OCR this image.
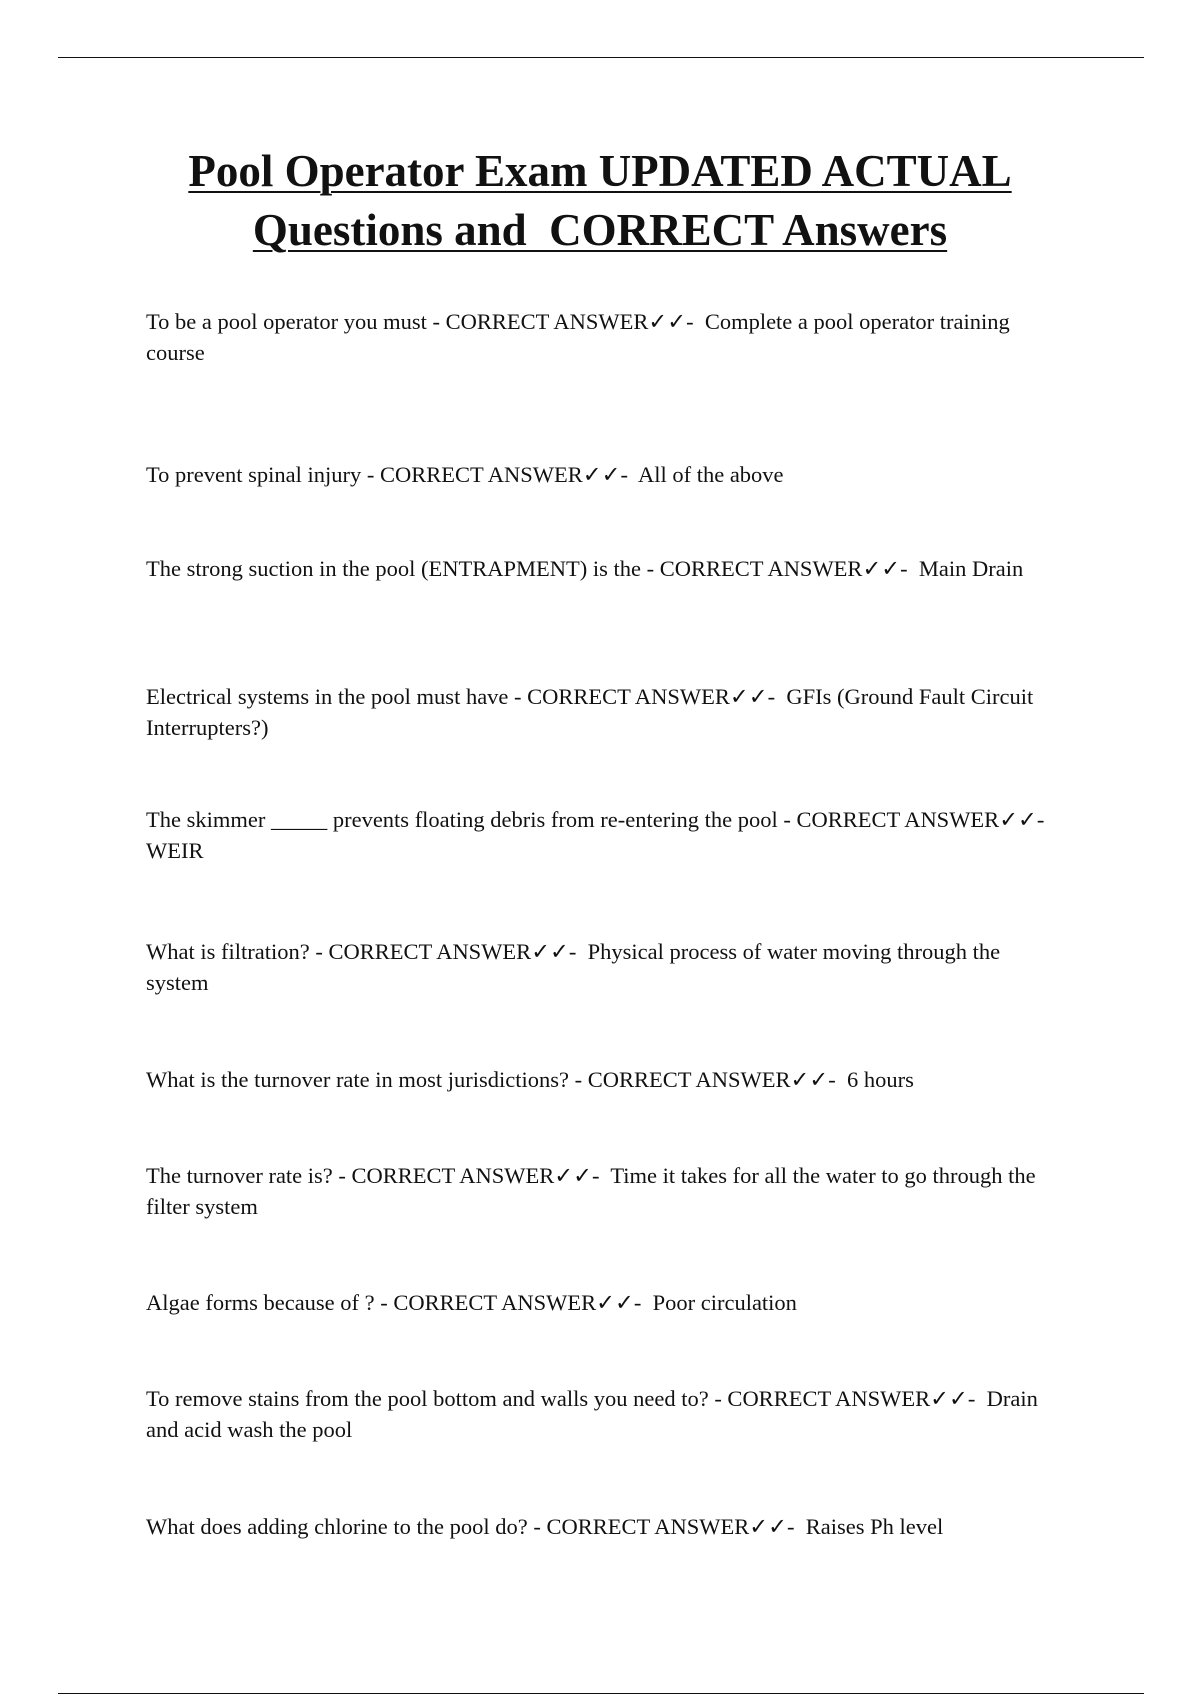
Pool Operator Exam UPDATED ACTUAL
Questions and  CORRECT Answers

To be a pool operator you must - CORRECT ANSWER✓✓-  Complete a pool operator training course

To prevent spinal injury - CORRECT ANSWER✓✓-  All of the above

The strong suction in the pool (ENTRAPMENT) is the - CORRECT ANSWER✓✓-  Main Drain

Electrical systems in the pool must have - CORRECT ANSWER✓✓-  GFIs (Ground Fault Circuit Interrupters?)

The skimmer _____ prevents floating debris from re-entering the pool - CORRECT ANSWER✓✓-  WEIR

What is filtration? - CORRECT ANSWER✓✓-  Physical process of water moving through the system

What is the turnover rate in most jurisdictions? - CORRECT ANSWER✓✓-  6 hours

The turnover rate is? - CORRECT ANSWER✓✓-  Time it takes for all the water to go through the filter system

Algae forms because of ? - CORRECT ANSWER✓✓-  Poor circulation

To remove stains from the pool bottom and walls you need to? - CORRECT ANSWER✓✓-  Drain and acid wash the pool

What does adding chlorine to the pool do? - CORRECT ANSWER✓✓-  Raises Ph level
